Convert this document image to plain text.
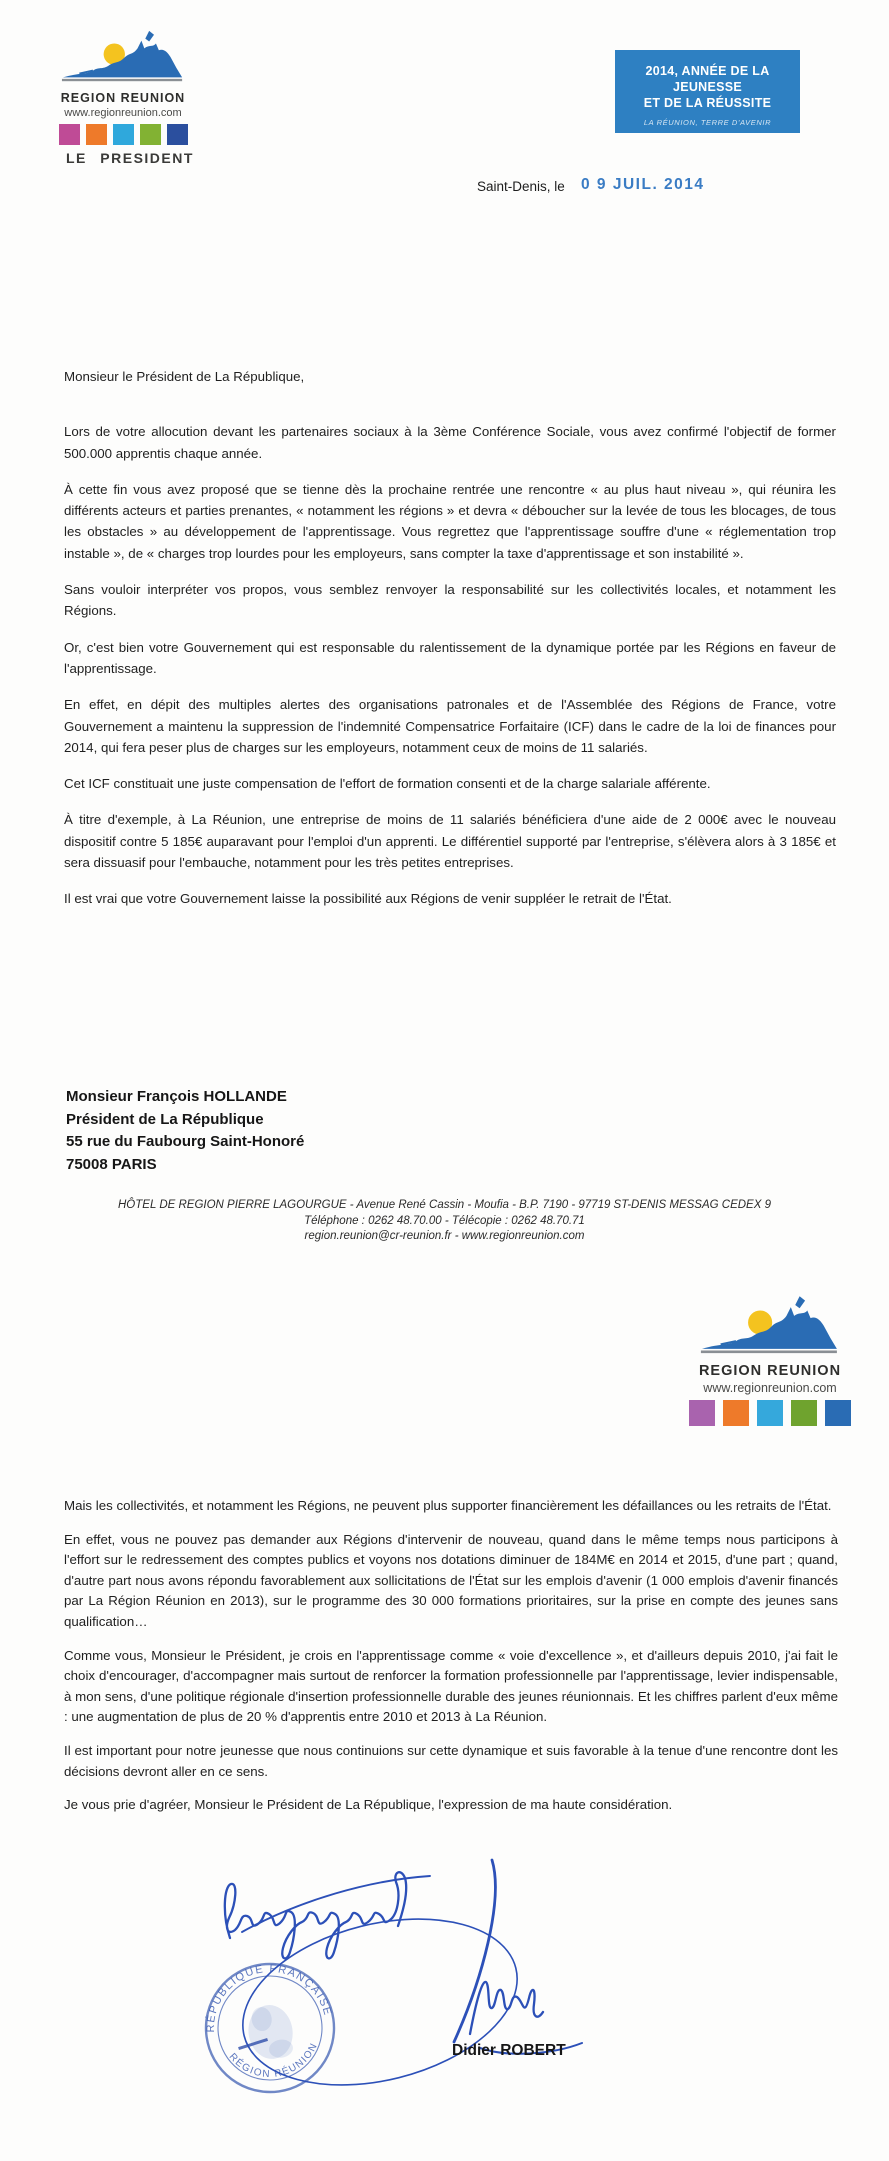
REGION REUNION
www.regionreunion.com
LE PRESIDENT
2014, ANNÉE DE LA JEUNESSE
ET DE LA RÉUSSITE
LA RÉUNION, TERRE D'AVENIR
Saint-Denis, le 0 9 JUIL. 2014

Monsieur le Président de La République,

Lors de votre allocution devant les partenaires sociaux à la 3ème Conférence Sociale, vous avez confirmé l'objectif de former 500.000 apprentis chaque année.

À cette fin vous avez proposé que se tienne dès la prochaine rentrée une rencontre « au plus haut niveau », qui réunira les différents acteurs et parties prenantes, « notamment les régions » et devra « déboucher sur la levée de tous les blocages, de tous les obstacles » au développement de l'apprentissage. Vous regrettez que l'apprentissage souffre d'une « réglementation trop instable », de « charges trop lourdes pour les employeurs, sans compter la taxe d'apprentissage et son instabilité ».

Sans vouloir interpréter vos propos, vous semblez renvoyer la responsabilité sur les collectivités locales, et notamment les Régions.

Or, c'est bien votre Gouvernement qui est responsable du ralentissement de la dynamique portée par les Régions en faveur de l'apprentissage.

En effet, en dépit des multiples alertes des organisations patronales et de l'Assemblée des Régions de France, votre Gouvernement a maintenu la suppression de l'indemnité Compensatrice Forfaitaire (ICF) dans le cadre de la loi de finances pour 2014, qui fera peser plus de charges sur les employeurs, notamment ceux de moins de 11 salariés.

Cet ICF constituait une juste compensation de l'effort de formation consenti et de la charge salariale afférente.

À titre d'exemple, à La Réunion, une entreprise de moins de 11 salariés bénéficiera d'une aide de 2 000€ avec le nouveau dispositif contre 5 185€ auparavant pour l'emploi d'un apprenti. Le différentiel supporté par l'entreprise, s'élèvera alors à 3 185€ et sera dissuasif pour l'embauche, notamment pour les très petites entreprises.

Il est vrai que votre Gouvernement laisse la possibilité aux Régions de venir suppléer le retrait de l'État.

Monsieur François HOLLANDE
Président de La République
55 rue du Faubourg Saint-Honoré
75008 PARIS
HÔTEL DE REGION PIERRE LAGOURGUE - Avenue René Cassin - Moufia - B.P. 7190 - 97719 ST-DENIS MESSAG CEDEX 9
Téléphone : 0262 48.70.00 - Télécopie : 0262 48.70.71
region.reunion@cr-reunion.fr - www.regionreunion.com
REGION REUNION
www.regionreunion.com

Mais les collectivités, et notamment les Régions, ne peuvent plus supporter financièrement les défaillances ou les retraits de l'État.

En effet, vous ne pouvez pas demander aux Régions d'intervenir de nouveau, quand dans le même temps nous participons à l'effort sur le redressement des comptes publics et voyons nos dotations diminuer de 184M€ en 2014 et 2015, d'une part ; quand, d'autre part nous avons répondu favorablement aux sollicitations de l'État sur les emplois d'avenir (1 000 emplois d'avenir financés par La Région Réunion en 2013), sur le programme des 30 000 formations prioritaires, sur la prise en compte des jeunes sans qualification…

Comme vous, Monsieur le Président, je crois en l'apprentissage comme « voie d'excellence », et d'ailleurs depuis 2010, j'ai fait le choix d'encourager, d'accompagner mais surtout de renforcer la formation professionnelle par l'apprentissage, levier indispensable, à mon sens, d'une politique régionale d'insertion professionnelle durable des jeunes réunionnais. Et les chiffres parlent d'eux même : une augmentation de plus de 20 % d'apprentis entre 2010 et 2013 à La Réunion.

Il est important pour notre jeunesse que nous continuions sur cette dynamique et suis favorable à la tenue d'une rencontre dont les décisions devront aller en ce sens.

Je vous prie d'agréer, Monsieur le Président de La République, l'expression de ma haute considération.

RÉPUBLIQUE FRANÇAISE
RÉGION RÉUNION	Didier ROBERT
